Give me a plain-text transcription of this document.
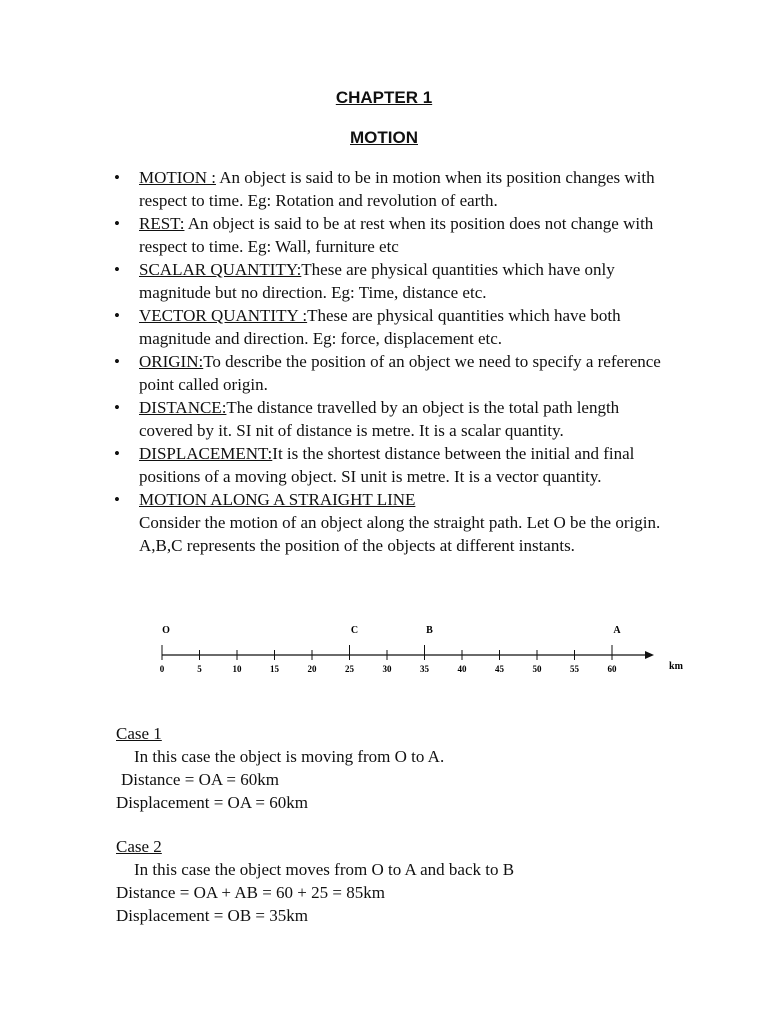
CHAPTER 1
MOTION
• MOTION : An object is said to be in motion when its position changes with respect to time. Eg: Rotation and revolution of earth.
• REST: An object is said to be at rest when its position does not change with respect to time. Eg: Wall, furniture etc
• SCALAR QUANTITY:These are physical quantities which have only magnitude but no direction. Eg: Time, distance etc.
• VECTOR QUANTITY :These are physical quantities which have both magnitude and direction. Eg: force, displacement etc.
• ORIGIN:To describe the position of an object we need to specify a reference point called origin.
• DISTANCE:The distance travelled by an object is the total path length covered by it. SI nit of distance is metre. It is a scalar quantity.
• DISPLACEMENT:It is the shortest distance between the initial and final positions of a moving object. SI unit is metre. It is a vector quantity.
• MOTION ALONG A STRAIGHT LINE
Consider the motion of an object along the straight path. Let O be the origin. A,B,C represents the position of the objects at different instants.
0	5	10	15	20	25	30	35	40	45	50	55	60
O	C	B	A
km

Case 1

In this case the object is moving from O to A.

Distance = OA = 60km

Displacement = OA = 60km

Case 2

In this case the object moves from O to A and back to B

Distance = OA + AB = 60 + 25 = 85km

Displacement = OB = 35km
